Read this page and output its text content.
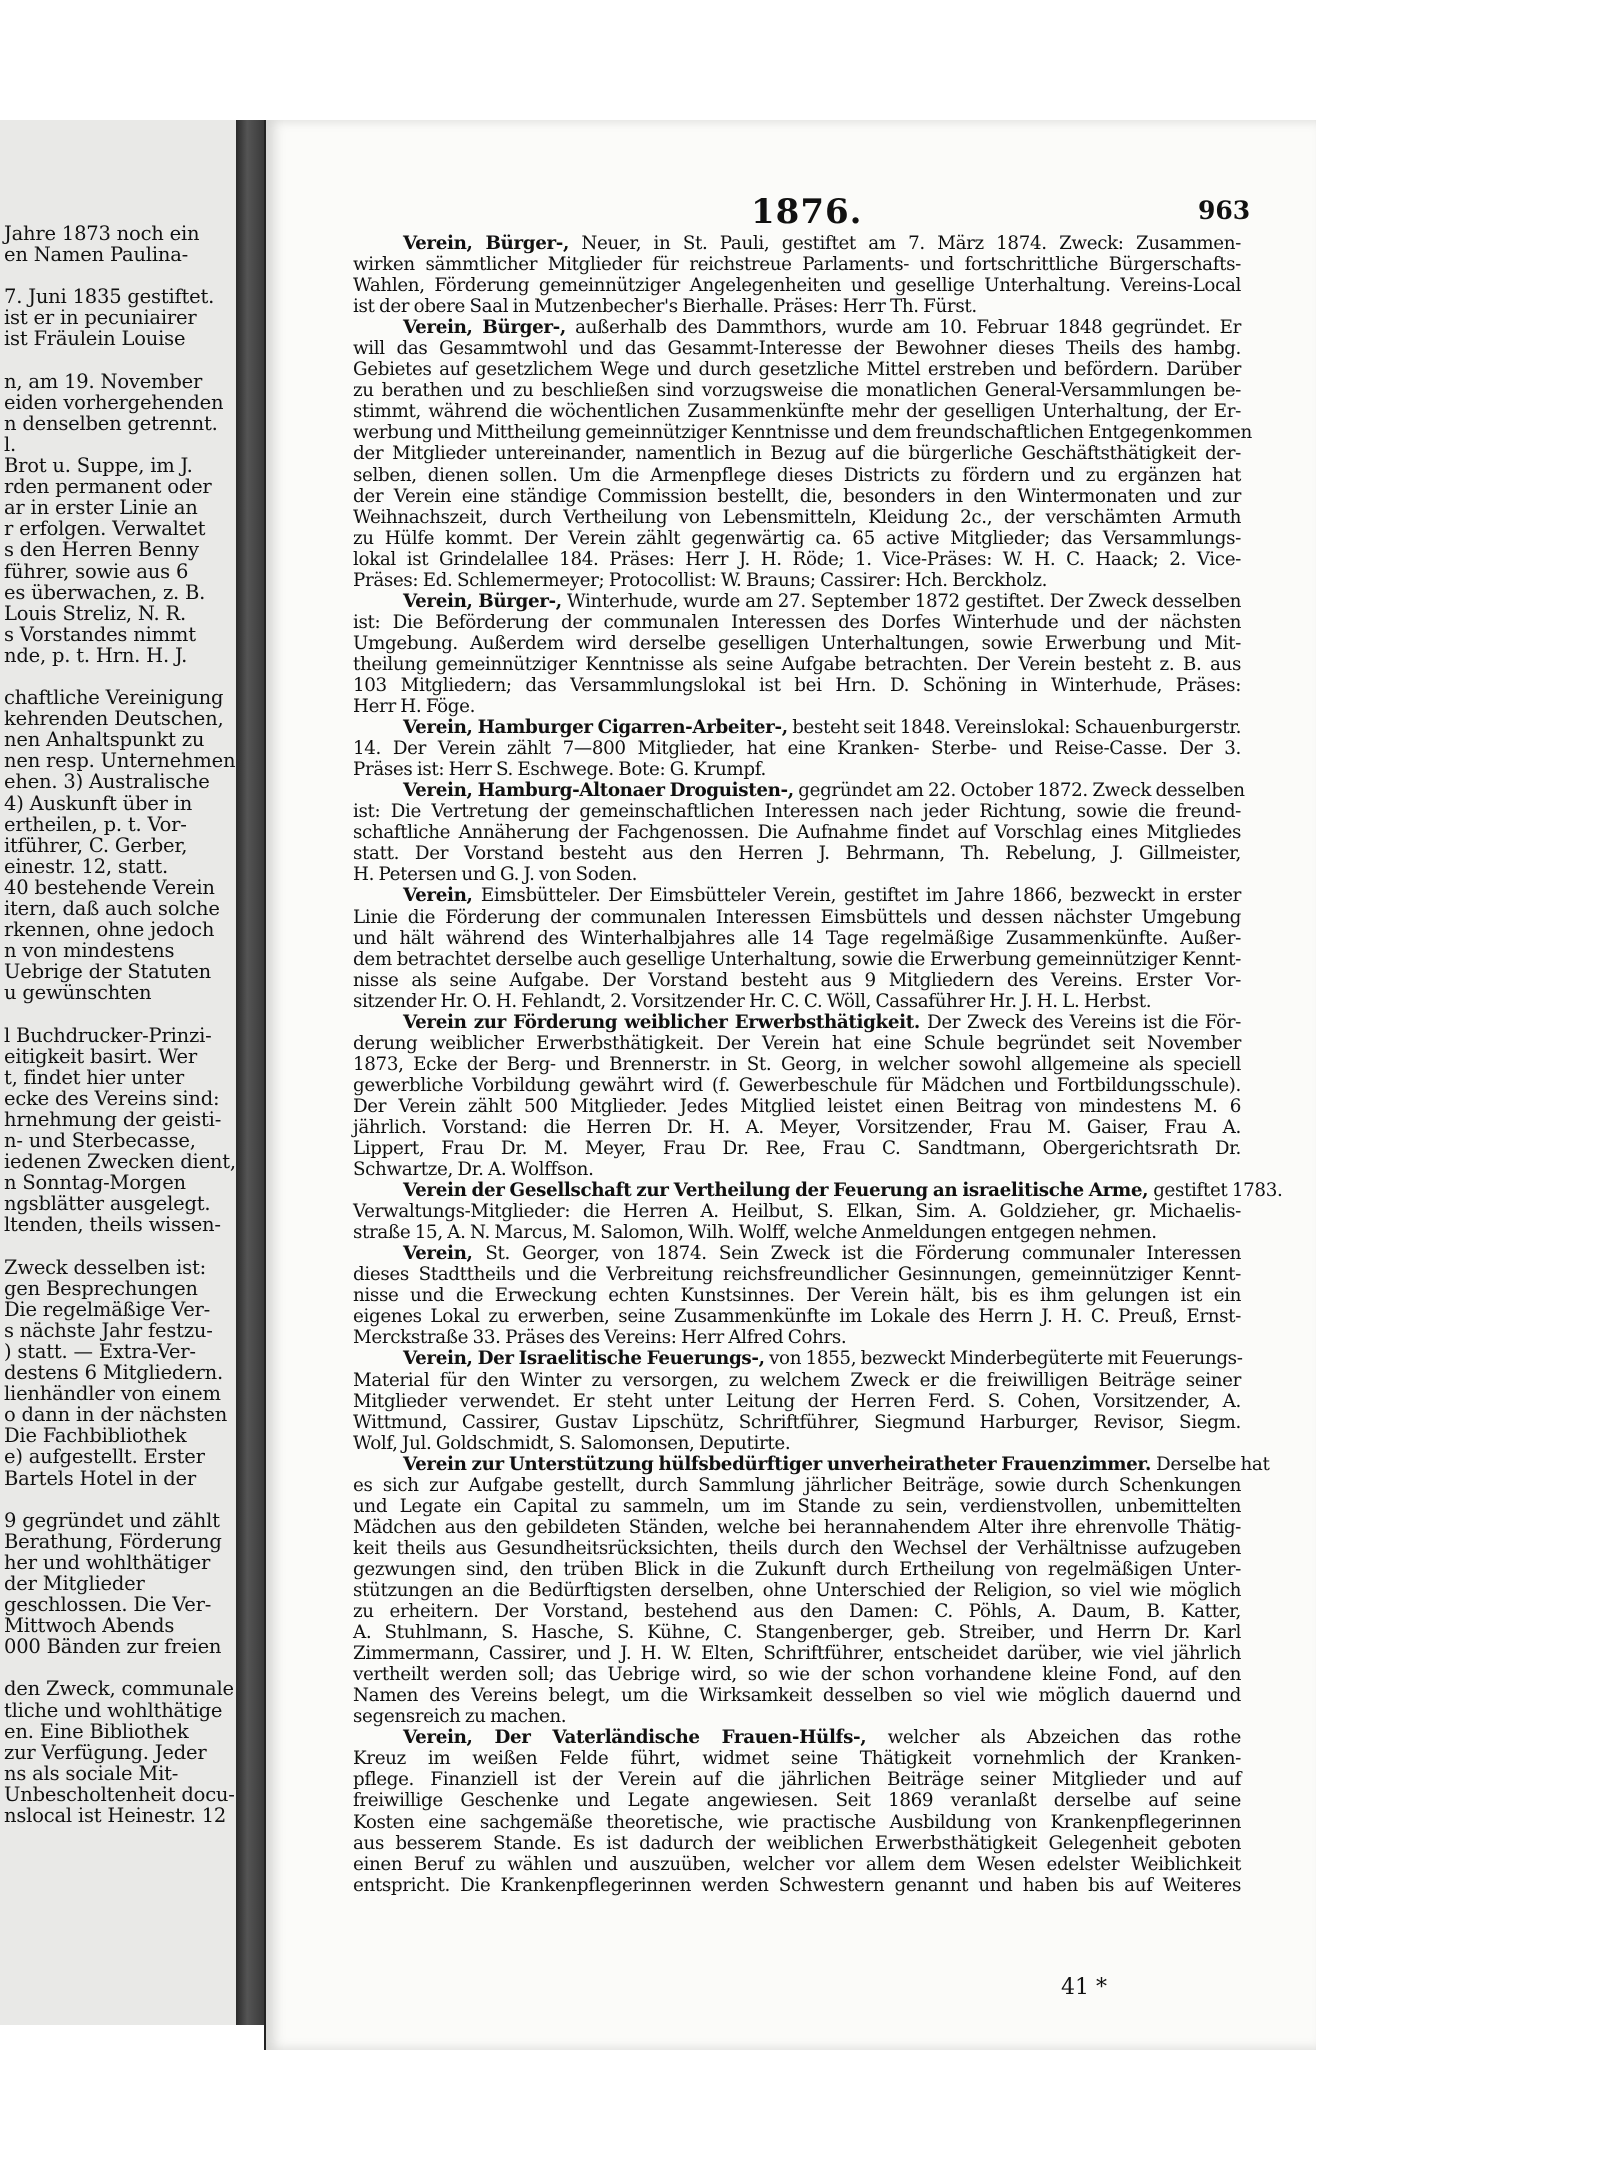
Jahre 1873 noch ein
en Namen Paulina-

7. Juni 1835 gestiftet.
ist er in pecuniairer
ist Fräulein Louise

n, am 19. November
eiden vorhergehenden
n denselben getrennt.
l.
Brot u. Suppe, im J.
rden permanent oder
ar in erster Linie an
r erfolgen. Verwaltet
s den Herren Benny
führer, sowie aus 6
es überwachen, z. B.
Louis Streliz, N. R.
s Vorstandes nimmt
nde, p. t. Hrn. H. J.

chaftliche Vereinigung
kehrenden Deutschen,
nen Anhaltspunkt zu
nen resp. Unternehmen
ehen. 3) Australische
4) Auskunft über in
ertheilen, p. t. Vor-
itführer, C. Gerber,
einestr. 12, statt.
40 bestehende Verein
itern, daß auch solche
rkennen, ohne jedoch
n von mindestens
Uebrige der Statuten
u gewünschten

l Buchdrucker-Prinzi-
eitigkeit basirt. Wer
t, findet hier unter
ecke des Vereins sind:
hrnehmung der geisti-
n- und Sterbecasse,
iedenen Zwecken dient,
n Sonntag-Morgen
ngsblätter ausgelegt.
ltenden, theils wissen-

Zweck desselben ist:
gen Besprechungen
Die regelmäßige Ver-
s nächste Jahr festzu-
) statt. — Extra-Ver-
destens 6 Mitgliedern.
lienhändler von einem
o dann in der nächsten
Die Fachbibliothek
e) aufgestellt. Erster
Bartels Hotel in der

9 gegründet und zählt
Berathung, Förderung
her und wohlthätiger
der Mitglieder
geschlossen. Die Ver-
Mittwoch Abends
000 Bänden zur freien

den Zweck, communale
tliche und wohlthätige
en. Eine Bibliothek
zur Verfügung. Jeder
ns als sociale Mit-
Unbescholtenheit docu-
nslocal ist Heinestr. 12
1876.	963
Verein, Bürger-, Neuer, in St. Pauli, gestiftet am 7. März 1874. Zweck: Zusammen-
wirken sämmtlicher Mitglieder für reichstreue Parlaments- und fortschrittliche Bürgerschafts-
Wahlen, Förderung gemeinnütziger Angelegenheiten und gesellige Unterhaltung. Vereins-Local
ist der obere Saal in Mutzenbecher's Bierhalle. Präses: Herr Th. Fürst.
Verein, Bürger-, außerhalb des Dammthors, wurde am 10. Februar 1848 gegründet. Er
will das Gesammtwohl und das Gesammt-Interesse der Bewohner dieses Theils des hambg.
Gebietes auf gesetzlichem Wege und durch gesetzliche Mittel erstreben und befördern. Darüber
zu berathen und zu beschließen sind vorzugsweise die monatlichen General-Versammlungen be-
stimmt, während die wöchentlichen Zusammenkünfte mehr der geselligen Unterhaltung, der Er-
werbung und Mittheilung gemeinnütziger Kenntnisse und dem freundschaftlichen Entgegenkommen
der Mitglieder untereinander, namentlich in Bezug auf die bürgerliche Geschäftsthätigkeit der-
selben, dienen sollen. Um die Armenpflege dieses Districts zu fördern und zu ergänzen hat
der Verein eine ständige Commission bestellt, die, besonders in den Wintermonaten und zur
Weihnachszeit, durch Vertheilung von Lebensmitteln, Kleidung 2c., der verschämten Armuth
zu Hülfe kommt. Der Verein zählt gegenwärtig ca. 65 active Mitglieder; das Versammlungs-
lokal ist Grindelallee 184. Präses: Herr J. H. Röde; 1. Vice-Präses: W. H. C. Haack; 2. Vice-
Präses: Ed. Schlemermeyer; Protocollist: W. Brauns; Cassirer: Hch. Berckholz.
Verein, Bürger-, Winterhude, wurde am 27. September 1872 gestiftet. Der Zweck desselben
ist: Die Beförderung der communalen Interessen des Dorfes Winterhude und der nächsten
Umgebung. Außerdem wird derselbe geselligen Unterhaltungen, sowie Erwerbung und Mit-
theilung gemeinnütziger Kenntnisse als seine Aufgabe betrachten. Der Verein besteht z. B. aus
103 Mitgliedern; das Versammlungslokal ist bei Hrn. D. Schöning in Winterhude, Präses:
Herr H. Föge.
Verein, Hamburger Cigarren-Arbeiter-, besteht seit 1848. Vereinslokal: Schauenburgerstr.
14. Der Verein zählt 7—800 Mitglieder, hat eine Kranken- Sterbe- und Reise-Casse. Der 3.
Präses ist: Herr S. Eschwege. Bote: G. Krumpf.
Verein, Hamburg-Altonaer Droguisten-, gegründet am 22. October 1872. Zweck desselben
ist: Die Vertretung der gemeinschaftlichen Interessen nach jeder Richtung, sowie die freund-
schaftliche Annäherung der Fachgenossen. Die Aufnahme findet auf Vorschlag eines Mitgliedes
statt. Der Vorstand besteht aus den Herren J. Behrmann, Th. Rebelung, J. Gillmeister,
H. Petersen und G. J. von Soden.
Verein, Eimsbütteler. Der Eimsbütteler Verein, gestiftet im Jahre 1866, bezweckt in erster
Linie die Förderung der communalen Interessen Eimsbüttels und dessen nächster Umgebung
und hält während des Winterhalbjahres alle 14 Tage regelmäßige Zusammenkünfte. Außer-
dem betrachtet derselbe auch gesellige Unterhaltung, sowie die Erwerbung gemeinnütziger Kennt-
nisse als seine Aufgabe. Der Vorstand besteht aus 9 Mitgliedern des Vereins. Erster Vor-
sitzender Hr. O. H. Fehlandt, 2. Vorsitzender Hr. C. C. Wöll, Cassaführer Hr. J. H. L. Herbst.
Verein zur Förderung weiblicher Erwerbsthätigkeit. Der Zweck des Vereins ist die För-
derung weiblicher Erwerbsthätigkeit. Der Verein hat eine Schule begründet seit November
1873, Ecke der Berg- und Brennerstr. in St. Georg, in welcher sowohl allgemeine als speciell
gewerbliche Vorbildung gewährt wird (f. Gewerbeschule für Mädchen und Fortbildungsschule).
Der Verein zählt 500 Mitglieder. Jedes Mitglied leistet einen Beitrag von mindestens M. 6
jährlich. Vorstand: die Herren Dr. H. A. Meyer, Vorsitzender, Frau M. Gaiser, Frau A.
Lippert, Frau Dr. M. Meyer, Frau Dr. Ree, Frau C. Sandtmann, Obergerichtsrath Dr.
Schwartze, Dr. A. Wolffson.
Verein der Gesellschaft zur Vertheilung der Feuerung an israelitische Arme, gestiftet 1783.
Verwaltungs-Mitglieder: die Herren A. Heilbut, S. Elkan, Sim. A. Goldzieher, gr. Michaelis-
straße 15, A. N. Marcus, M. Salomon, Wilh. Wolff, welche Anmeldungen entgegen nehmen.
Verein, St. Georger, von 1874. Sein Zweck ist die Förderung communaler Interessen
dieses Stadttheils und die Verbreitung reichsfreundlicher Gesinnungen, gemeinnütziger Kennt-
nisse und die Erweckung echten Kunstsinnes. Der Verein hält, bis es ihm gelungen ist ein
eigenes Lokal zu erwerben, seine Zusammenkünfte im Lokale des Herrn J. H. C. Preuß, Ernst-
Merckstraße 33. Präses des Vereins: Herr Alfred Cohrs.
Verein, Der Israelitische Feuerungs-, von 1855, bezweckt Minderbegüterte mit Feuerungs-
Material für den Winter zu versorgen, zu welchem Zweck er die freiwilligen Beiträge seiner
Mitglieder verwendet. Er steht unter Leitung der Herren Ferd. S. Cohen, Vorsitzender, A.
Wittmund, Cassirer, Gustav Lipschütz, Schriftführer, Siegmund Harburger, Revisor, Siegm.
Wolf, Jul. Goldschmidt, S. Salomonsen, Deputirte.
Verein zur Unterstützung hülfsbedürftiger unverheiratheter Frauenzimmer. Derselbe hat
es sich zur Aufgabe gestellt, durch Sammlung jährlicher Beiträge, sowie durch Schenkungen
und Legate ein Capital zu sammeln, um im Stande zu sein, verdienstvollen, unbemittelten
Mädchen aus den gebildeten Ständen, welche bei herannahendem Alter ihre ehrenvolle Thätig-
keit theils aus Gesundheitsrücksichten, theils durch den Wechsel der Verhältnisse aufzugeben
gezwungen sind, den trüben Blick in die Zukunft durch Ertheilung von regelmäßigen Unter-
stützungen an die Bedürftigsten derselben, ohne Unterschied der Religion, so viel wie möglich
zu erheitern. Der Vorstand, bestehend aus den Damen: C. Pöhls, A. Daum, B. Katter,
A. Stuhlmann, S. Hasche, S. Kühne, C. Stangenberger, geb. Streiber, und Herrn Dr. Karl
Zimmermann, Cassirer, und J. H. W. Elten, Schriftführer, entscheidet darüber, wie viel jährlich
vertheilt werden soll; das Uebrige wird, so wie der schon vorhandene kleine Fond, auf den
Namen des Vereins belegt, um die Wirksamkeit desselben so viel wie möglich dauernd und
segensreich zu machen.
Verein, Der Vaterländische Frauen-Hülfs-, welcher als Abzeichen das rothe
Kreuz im weißen Felde führt, widmet seine Thätigkeit vornehmlich der Kranken-
pflege. Finanziell ist der Verein auf die jährlichen Beiträge seiner Mitglieder und auf
freiwillige Geschenke und Legate angewiesen. Seit 1869 veranlaßt derselbe auf seine
Kosten eine sachgemäße theoretische, wie practische Ausbildung von Krankenpflegerinnen
aus besserem Stande. Es ist dadurch der weiblichen Erwerbsthätigkeit Gelegenheit geboten
einen Beruf zu wählen und auszuüben, welcher vor allem dem Wesen edelster Weiblichkeit
entspricht. Die Krankenpflegerinnen werden Schwestern genannt und haben bis auf Weiteres
41 *
